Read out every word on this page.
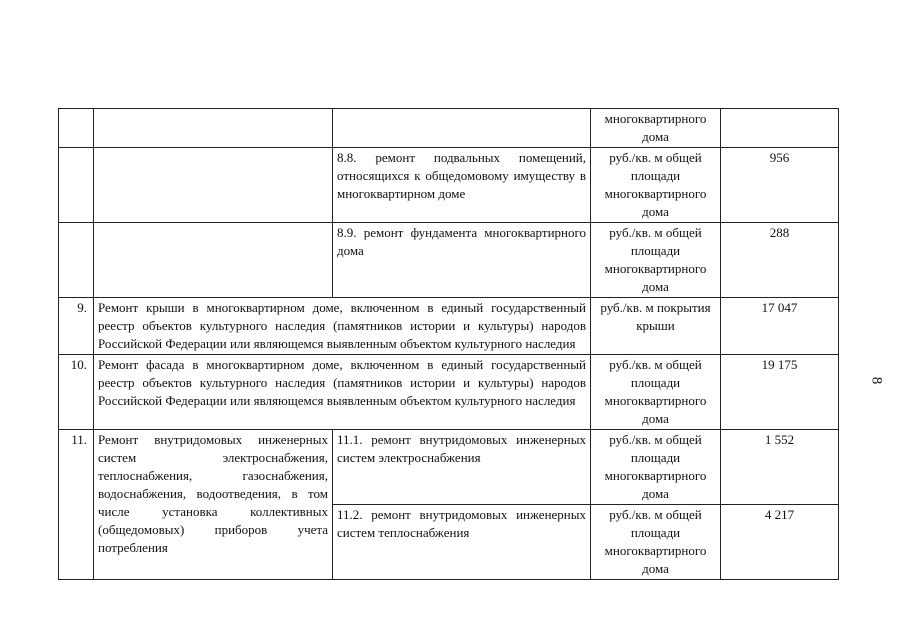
			многоквартирного дома	
		8.8. ремонт подвальных помещений, относящихся к общедомовому имуществу в многоквартирном доме	руб./кв. м общей площади многоквартирного дома	956
		8.9. ремонт фундамента многоквартирного дома	руб./кв. м общей площади многоквартирного дома	288
9.	Ремонт крыши в многоквартирном доме, включенном в единый государственный реестр объектов культурного наследия (памятников истории и культуры) народов Российской Федерации или являющемся выявленным объектом культурного наследия		руб./кв. м покрытия крыши	17 047
10.	Ремонт фасада в многоквартирном доме, включенном в единый государственный реестр объектов культурного наследия (памятников истории и культуры) народов Российской Федерации или являющемся выявленным объектом культурного наследия		руб./кв. м общей площади многоквартирного дома	19 175
11.	Ремонт внутридомовых инженерных систем электроснабжения, теплоснабжения, газоснабжения, водоснабжения, водоотведения, в том числе установка коллективных (общедомовых) приборов учета потребления	11.1. ремонт внутридомовых инженерных систем электроснабжения	руб./кв. м общей площади многоквартирного дома	1 552
		11.2. ремонт внутридомовых инженерных систем теплоснабжения	руб./кв. м общей площади многоквартирного дома	4 217
8
